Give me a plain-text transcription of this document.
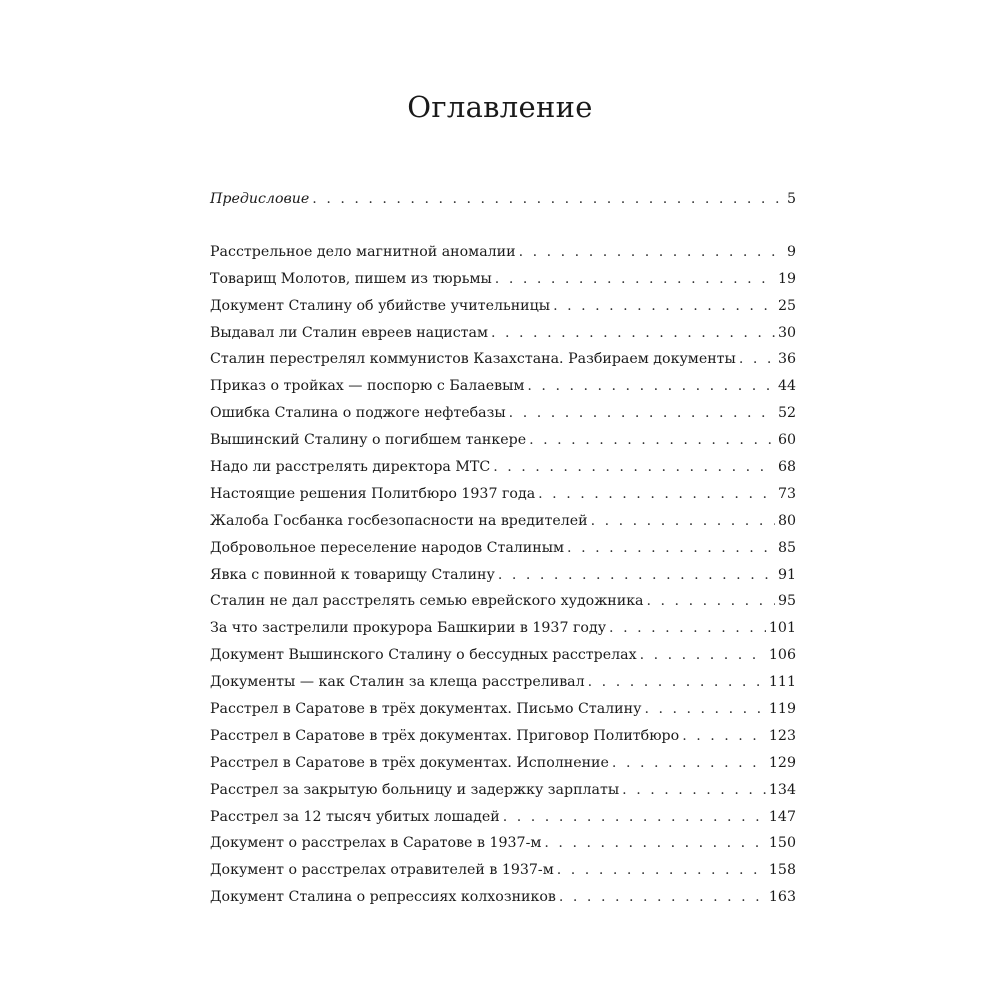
Оглавление
Предисловие . . .	5
Расстрельное дело магнитной аномалии . . .	9
Товарищ Молотов, пишем из тюрьмы . . .	19
Документ Сталину об убийстве учительницы . . .	25
Выдавал ли Сталин евреев нацистам . . .	30
Сталин перестрелял коммунистов Казахстана. Разбираем документы . . .	36
Приказ о тройках — поспорю с Балаевым . . .	44
Ошибка Сталина о поджоге нефтебазы . . .	52
Вышинский Сталину о погибшем танкере . . .	60
Надо ли расстрелять директора МТС . . .	68
Настоящие решения Политбюро 1937 года . . .	73
Жалоба Госбанка госбезопасности на вредителей . . .	80
Добровольное переселение народов Сталиным . . .	85
Явка с повинной к товарищу Сталину . . .	91
Сталин не дал расстрелять семью еврейского художника . . .	95
За что застрелили прокурора Башкирии в 1937 году . . .	101
Документ Вышинского Сталину о бессудных расстрелах . . .	106
Документы — как Сталин за клеща расстреливал . . .	111
Расстрел в Саратове в трёх документах. Письмо Сталину . . .	119
Расстрел в Саратове в трёх документах. Приговор Политбюро . . .	123
Расстрел в Саратове в трёх документах. Исполнение . . .	129
Расстрел за закрытую больницу и задержку зарплаты . . .	134
Расстрел за 12 тысяч убитых лошадей . . .	147
Документ о расстрелах в Саратове в 1937-м . . .	150
Документ о расстрелах отравителей в 1937-м . . .	158
Документ Сталина о репрессиях колхозников . . .	163
